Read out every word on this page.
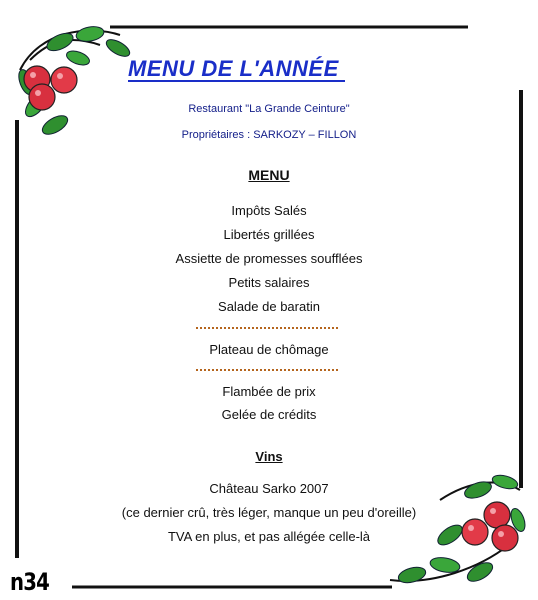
MENU DE L'ANNÉE
Restaurant "La Grande Ceinture"
Propriétaires : SARKOZY – FILLON
MENU
Impôts Salés
Libertés grillées
Assiette de promesses soufflées
Petits salaires
Salade de baratin
Plateau de chômage
Flambée de prix
Gelée de crédits
Vins
Château Sarko 2007
(ce dernier crû, très léger, manque un peu d'oreille)
TVA en plus, et pas allégée celle-là
n34
